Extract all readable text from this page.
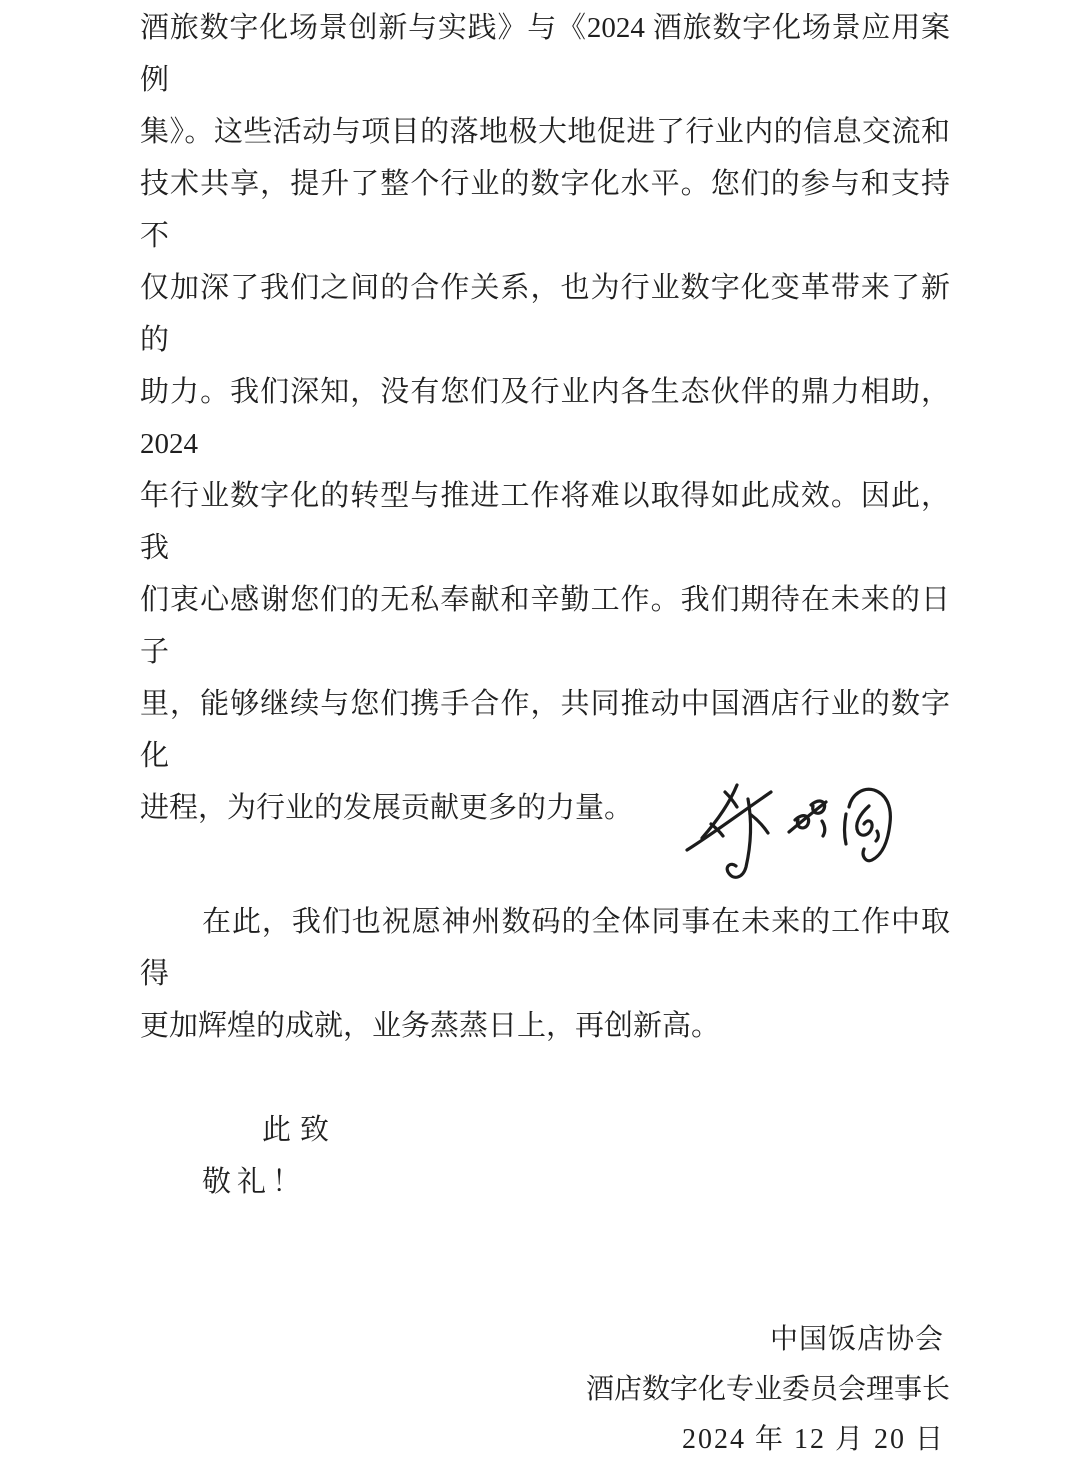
酒旅数字化场景创新与实践》与《2024 酒旅数字化场景应用案例
集》。这些活动与项目的落地极大地促进了行业内的信息交流和
技术共享，提升了整个行业的数字化水平。您们的参与和支持不
仅加深了我们之间的合作关系，也为行业数字化变革带来了新的
助力。我们深知，没有您们及行业内各生态伙伴的鼎力相助，2024
年行业数字化的转型与推进工作将难以取得如此成效。因此，我
们衷心感谢您们的无私奉献和辛勤工作。我们期待在未来的日子
里，能够继续与您们携手合作，共同推动中国酒店行业的数字化
进程，为行业的发展贡献更多的力量。
在此，我们也祝愿神州数码的全体同事在未来的工作中取得
更加辉煌的成就，业务蒸蒸日上，再创新高。
此致
敬礼！
中国饭店协会
酒店数字化专业委员会理事长
2024 年 12 月 20 日
